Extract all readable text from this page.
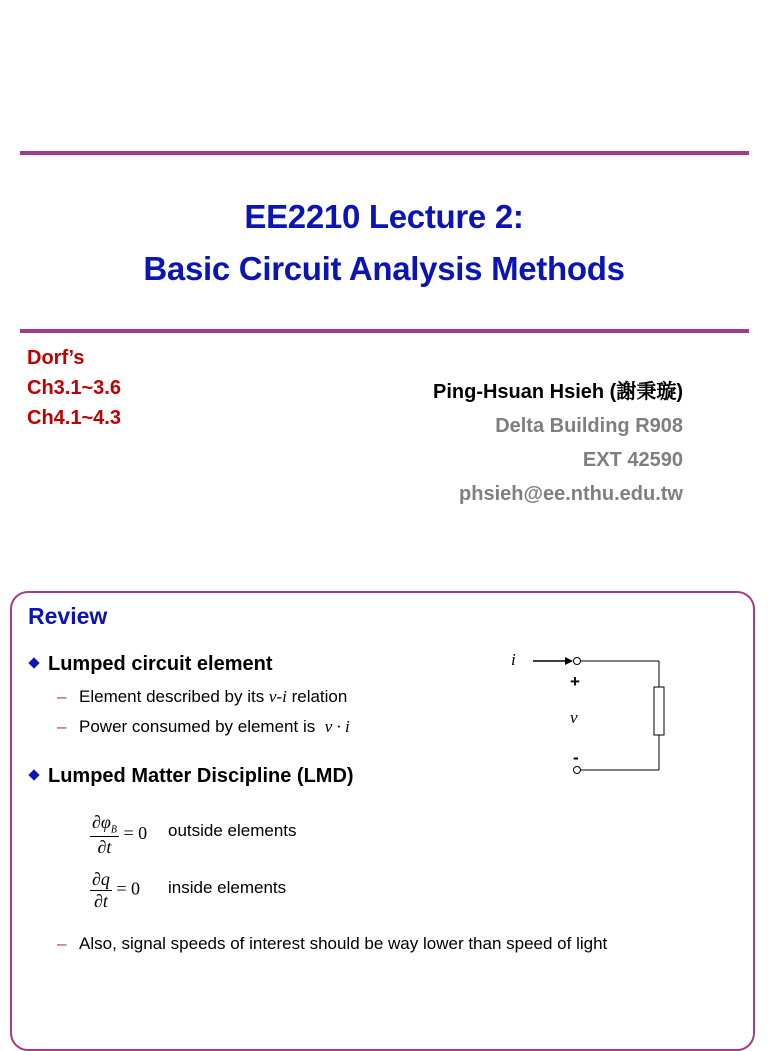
EE2210 Lecture 2:
Basic Circuit Analysis Methods
Dorf’s
Ch3.1~3.6
Ch4.1~4.3
Ping-Hsuan Hsieh (謝秉璇)
Delta Building R908
EXT 42590
phsieh@ee.nthu.edu.tw
Review
Lumped circuit element
– Element described by its v-i relation
– Power consumed by element is  v · i
Lumped Matter Discipline (LMD)
$\frac{\partial\varphi_B}{\partial t} = 0$ outside elements
$\frac{\partial q}{\partial t} = 0$ inside elements
– Also, signal speeds of interest should be way lower than speed of light
i
+
v
-
